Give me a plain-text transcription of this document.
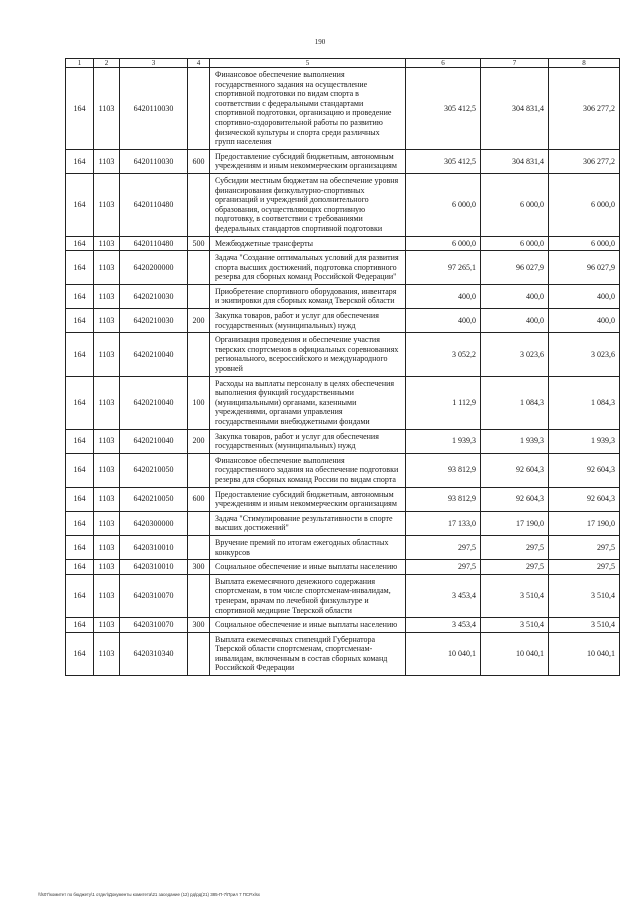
190
1	2	3	4	5	6	7	8
164	1103	6420110030		Финансовое обеспечение выполнения государственного задания на осуществление спортивной подготовки по видам спорта в соответствии с федеральными стандартами спортивной подготовки, организацию и проведение спортивно-оздоровительной работы по развитию физической культуры и спорта среди различных групп населения	305 412,5	304 831,4	306 277,2
164	1103	6420110030	600	Предоставление субсидий бюджетным, автономным учреждениям и иным некоммерческим организациям	305 412,5	304 831,4	306 277,2
164	1103	6420110480		Субсидии местным бюджетам на обеспечение уровня финансирования физкультурно-спортивных организаций и учреждений дополнительного образования, осуществляющих спортивную подготовку, в соответствии с требованиями федеральных стандартов спортивной подготовки	6 000,0	6 000,0	6 000,0
164	1103	6420110480	500	Межбюджетные трансферты	6 000,0	6 000,0	6 000,0
164	1103	6420200000		Задача "Создание оптимальных условий для развития спорта высших достижений, подготовка спортивного резерва для сборных команд Российской Федерации"	97 265,1	96 027,9	96 027,9
164	1103	6420210030		Приобретение спортивного оборудования, инвентаря и экипировки для сборных команд Тверской области	400,0	400,0	400,0
164	1103	6420210030	200	Закупка товаров, работ и услуг для обеспечения государственных (муниципальных) нужд	400,0	400,0	400,0
164	1103	6420210040		Организация проведения и обеспечение участия тверских спортсменов в официальных соревнованиях регионального, всероссийского и международного уровней	3 052,2	3 023,6	3 023,6
164	1103	6420210040	100	Расходы на выплаты персоналу в целях обеспечения выполнения функций государственными (муниципальными) органами, казенными учреждениями, органами управления государственными внебюджетными фондами	1 112,9	1 084,3	1 084,3
164	1103	6420210040	200	Закупка товаров, работ и услуг для обеспечения государственных (муниципальных) нужд	1 939,3	1 939,3	1 939,3
164	1103	6420210050		Финансовое обеспечение выполнения государственного задания на обеспечение подготовки резерва для сборных команд России по видам спорта	93 812,9	92 604,3	92 604,3
164	1103	6420210050	600	Предоставление субсидий бюджетным, автономным учреждениям и иным некоммерческим организациям	93 812,9	92 604,3	92 604,3
164	1103	6420300000		Задача "Стимулирование результативности в спорте высших достижений"	17 133,0	17 190,0	17 190,0
164	1103	6420310010		Вручение премий по итогам ежегодных областных конкурсов	297,5	297,5	297,5
164	1103	6420310010	300	Социальное обеспечение и иные выплаты населению	297,5	297,5	297,5
164	1103	6420310070		Выплата ежемесячного денежного содержания спортсменам, в том числе спортсменам-инвалидам, тренерам, врачам по лечебной физкультуре и спортивной медицине Тверской области	3 453,4	3 510,4	3 510,4
164	1103	6420310070	300	Социальное обеспечение и иные выплаты населению	3 453,4	3 510,4	3 510,4
164	1103	6420310340		Выплата ежемесячных стипендий Губернатора Тверской области спортсменам, спортсменам-инвалидам, включенным в состав сборных команд Российской Федерации	10 040,1	10 040,1	10 040,1
\\fs07\комитет по бюджету\1 отдел\Документы комитета\21 заседание (12) рд\рд(21) 385-П-7\Прил 7 ПСР.xlsx
